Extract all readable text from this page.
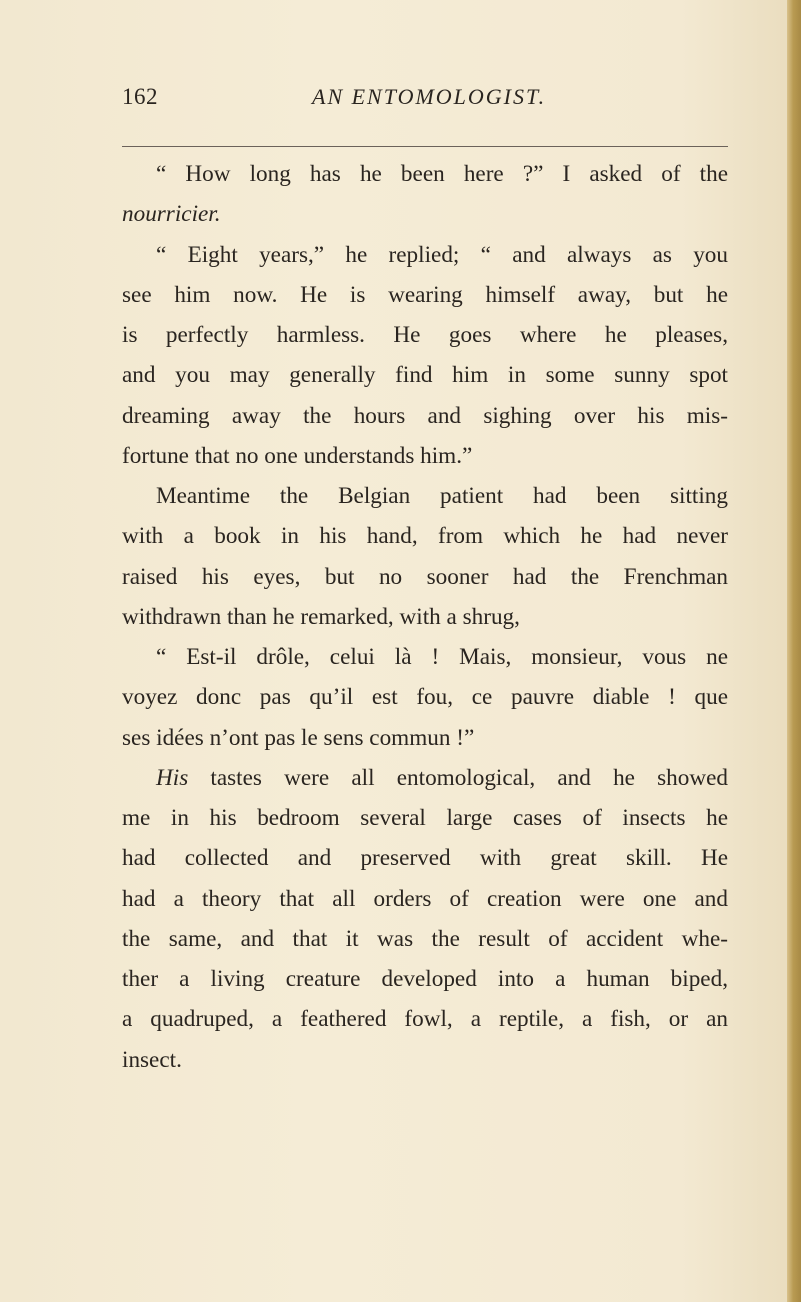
162	AN ENTOMOLOGIST.
“ How long has he been here ?” I asked of the
nourricier.
“ Eight years,” he replied; “ and always as you
see him now. He is wearing himself away, but he
is perfectly harmless. He goes where he pleases,
and you may generally find him in some sunny spot
dreaming away the hours and sighing over his mis-
fortune that no one understands him.”
Meantime the Belgian patient had been sitting
with a book in his hand, from which he had never
raised his eyes, but no sooner had the Frenchman
withdrawn than he remarked, with a shrug,
“ Est-il drôle, celui là ! Mais, monsieur, vous ne
voyez donc pas qu’il est fou, ce pauvre diable ! que
ses idées n’ont pas le sens commun !”
His tastes were all entomological, and he showed
me in his bedroom several large cases of insects he
had collected and preserved with great skill. He
had a theory that all orders of creation were one and
the same, and that it was the result of accident whe-
ther a living creature developed into a human biped,
a quadruped, a feathered fowl, a reptile, a fish, or an
insect.
